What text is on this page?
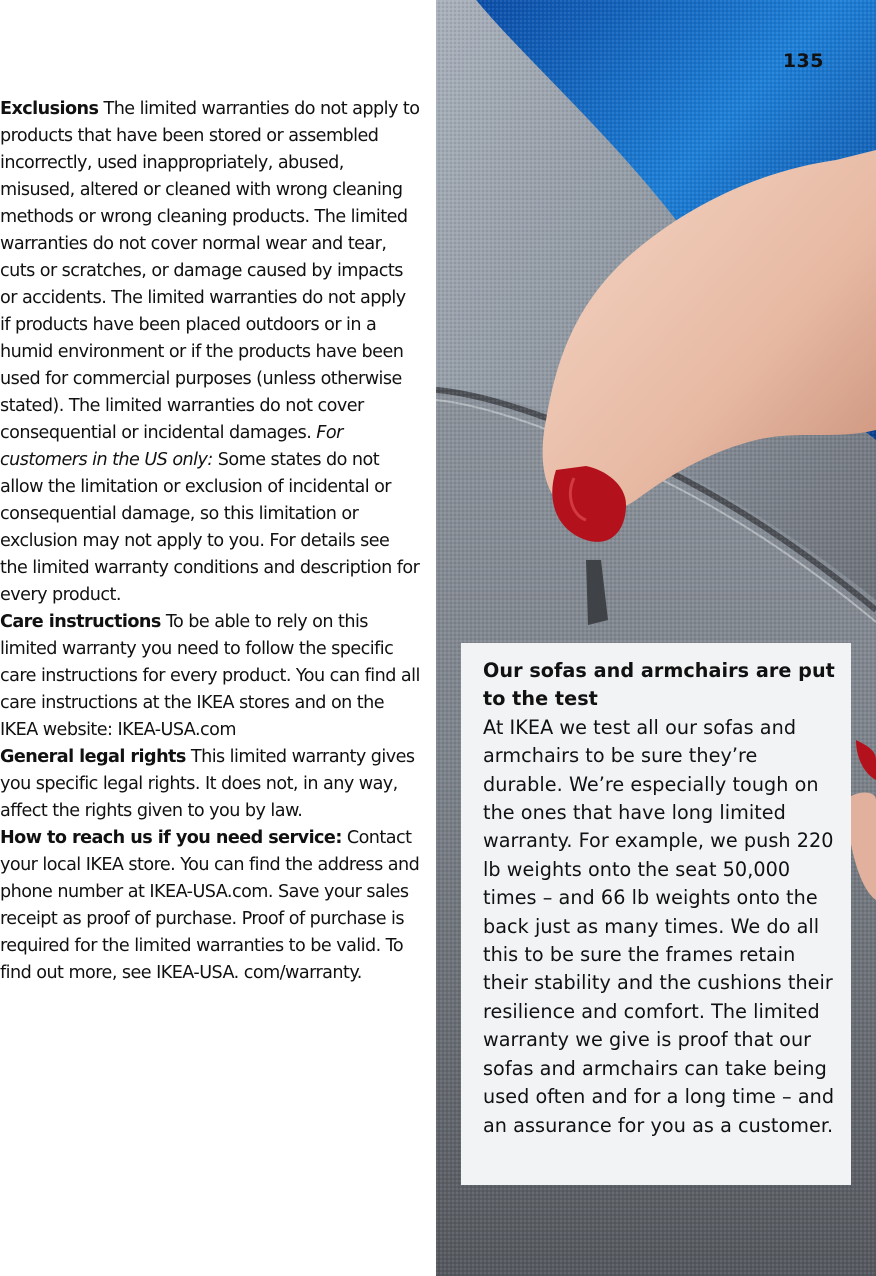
Exclusions The limited warranties do not apply to products that have been stored or assembled incorrectly, used inappropriately, abused, misused, altered or cleaned with wrong cleaning methods or wrong cleaning products. The limited warranties do not cover normal wear and tear, cuts or scratches, or damage caused by impacts or accidents. The limited warranties do not apply if products have been placed outdoors or in a humid environment or if the products have been used for commercial purposes (unless otherwise stated). The limited warranties do not cover consequential or incidental damages. For customers in the US only: Some states do not allow the limitation or exclusion of incidental or consequential damage, so this limitation or exclusion may not apply to you. For details see the limited warranty conditions and description for every product.

Care instructions To be able to rely on this limited warranty you need to follow the specific care instructions for every product. You can find all care instructions at the IKEA stores and on the IKEA website: IKEA-USA.com

General legal rights This limited warranty gives you specific legal rights. It does not, in any way, affect the rights given to you by law.

How to reach us if you need service: Contact your local IKEA store. You can find the address and phone number at IKEA-USA.com. Save your sales receipt as proof of purchase. Proof of purchase is required for the limited warranties to be valid. To find out more, see IKEA-USA. com/warranty.

135

Our sofas and armchairs are put to the test

At IKEA we test all our sofas and armchairs to be sure they’re durable. We’re especially tough on the ones that have long limited warranty. For example, we push 220 lb weights onto the seat 50,000 times – and 66 lb weights onto the back just as many times. We do all this to be sure the frames retain their stability and the cushions their resilience and comfort. The limited warranty we give is proof that our sofas and armchairs can take being used often and for a long time – and an assurance for you as a customer.
